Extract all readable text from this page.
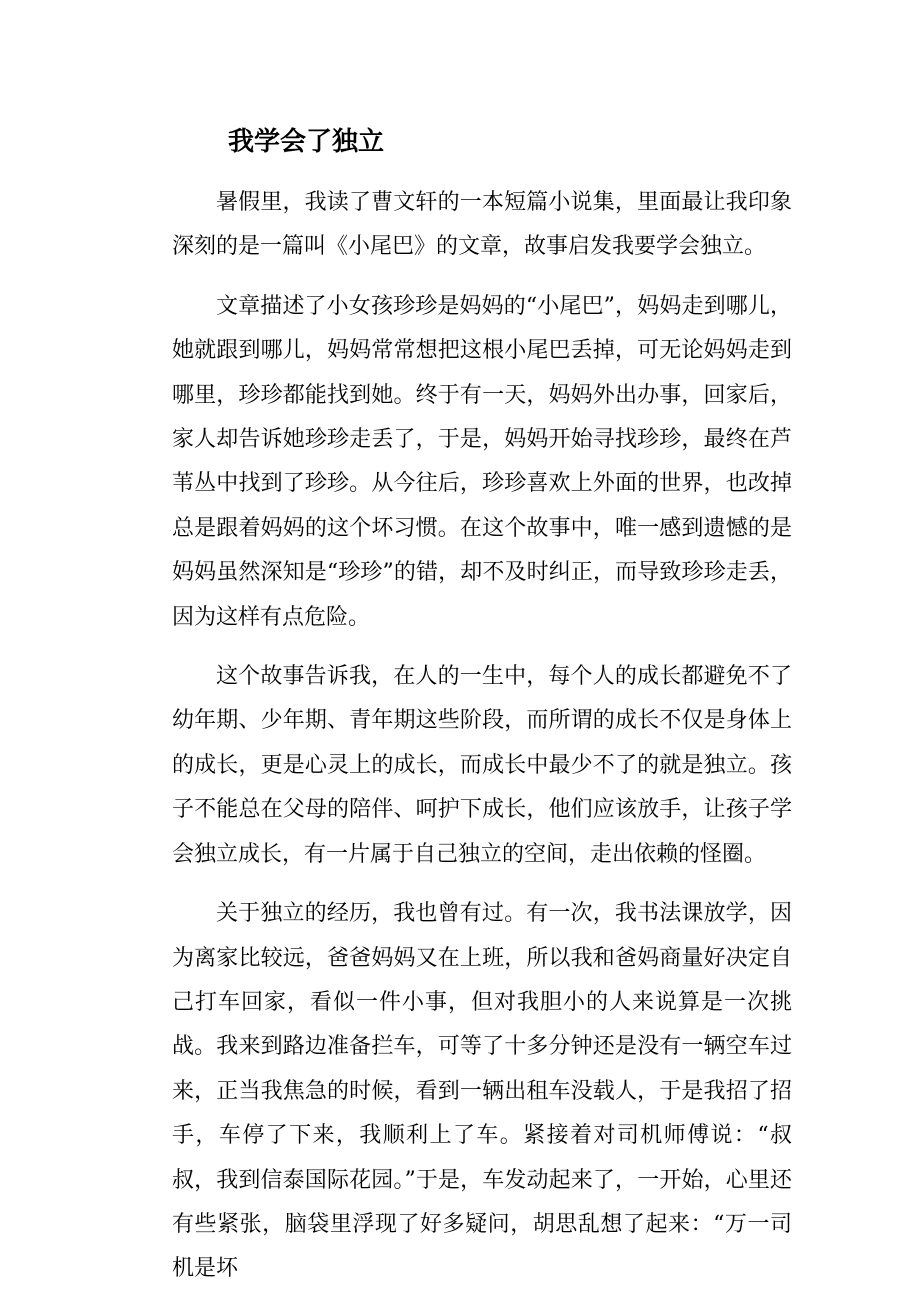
我学会了独立

暑假里，我读了曹文轩的一本短篇小说集，里面最让我印象深刻的是一篇叫《小尾巴》的文章，故事启发我要学会独立。

文章描述了小女孩珍珍是妈妈的“小尾巴”，妈妈走到哪儿，她就跟到哪儿，妈妈常常想把这根小尾巴丢掉，可无论妈妈走到哪里，珍珍都能找到她。终于有一天，妈妈外出办事，回家后，家人却告诉她珍珍走丢了，于是，妈妈开始寻找珍珍，最终在芦苇丛中找到了珍珍。从今往后，珍珍喜欢上外面的世界，也改掉总是跟着妈妈的这个坏习惯。在这个故事中，唯一感到遗憾的是妈妈虽然深知是“珍珍”的错，却不及时纠正，而导致珍珍走丢，因为这样有点危险。

这个故事告诉我，在人的一生中，每个人的成长都避免不了幼年期、少年期、青年期这些阶段，而所谓的成长不仅是身体上的成长，更是心灵上的成长，而成长中最少不了的就是独立。孩子不能总在父母的陪伴、呵护下成长，他们应该放手，让孩子学会独立成长，有一片属于自己独立的空间，走出依赖的怪圈。

关于独立的经历，我也曾有过。有一次，我书法课放学，因为离家比较远，爸爸妈妈又在上班，所以我和爸妈商量好决定自己打车回家，看似一件小事，但对我胆小的人来说算是一次挑战。我来到路边准备拦车，可等了十多分钟还是没有一辆空车过来，正当我焦急的时候，看到一辆出租车没载人，于是我招了招手，车停了下来，我顺利上了车。紧接着对司机师傅说：“叔叔，我到信泰国际花园。”于是，车发动起来了，一开始，心里还有些紧张，脑袋里浮现了好多疑问，胡思乱想了起来：“万一司机是坏
